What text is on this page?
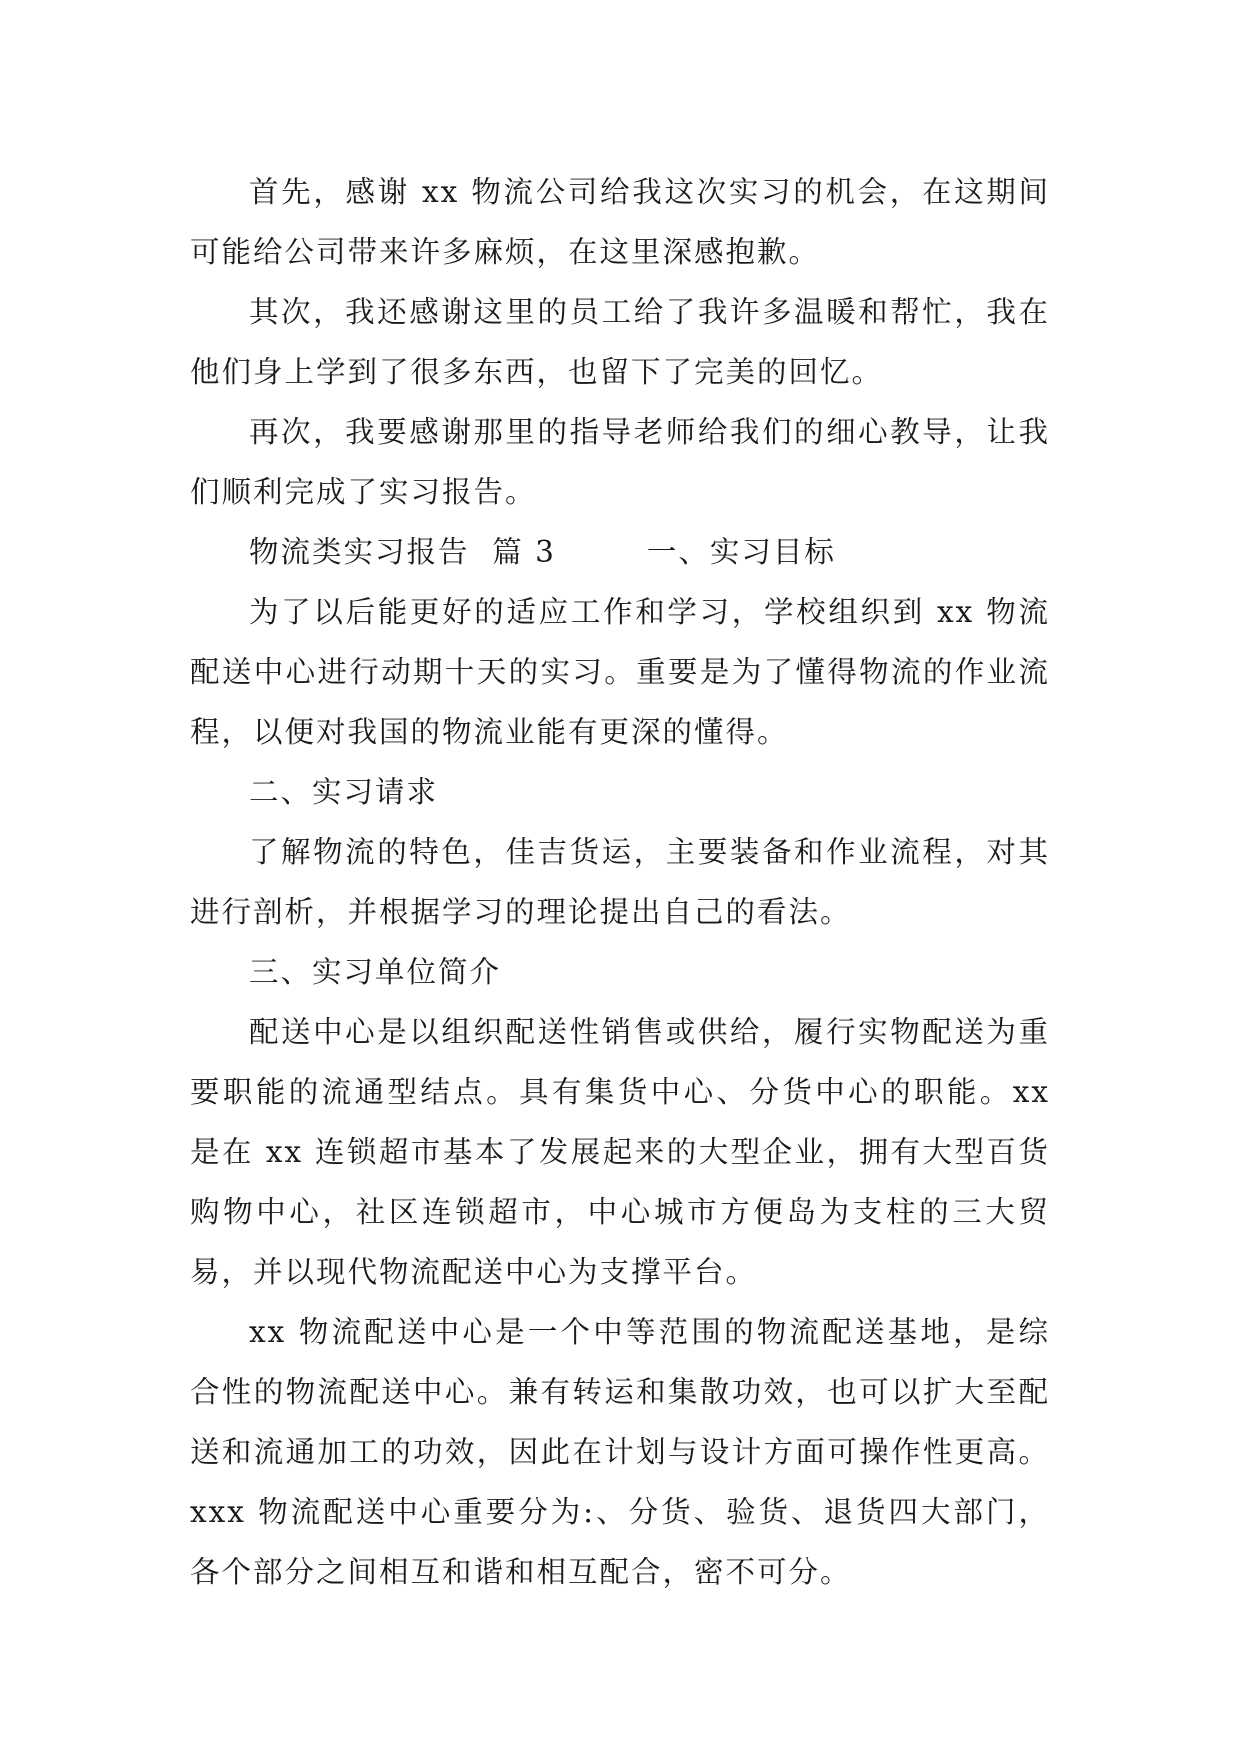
首先，感谢 xx 物流公司给我这次实习的机会，在这期间可能给公司带来许多麻烦，在这里深感抱歉。

其次，我还感谢这里的员工给了我许多温暖和帮忙，我在他们身上学到了很多东西，也留下了完美的回忆。

再次，我要感谢那里的指导老师给我们的细心教导，让我们顺利完成了实习报告。

物流类实习报告  篇 3        一、实习目标

为了以后能更好的适应工作和学习，学校组织到 xx 物流配送中心进行动期十天的实习。重要是为了懂得物流的作业流程，以便对我国的物流业能有更深的懂得。

二、实习请求

了解物流的特色，佳吉货运，主要装备和作业流程，对其进行剖析，并根据学习的理论提出自己的看法。

三、实习单位简介

配送中心是以组织配送性销售或供给，履行实物配送为重要职能的流通型结点。具有集货中心、分货中心的职能。xx 是在 xx 连锁超市基本了发展起来的大型企业，拥有大型百货购物中心，社区连锁超市，中心城市方便岛为支柱的三大贸易，并以现代物流配送中心为支撑平台。

xx 物流配送中心是一个中等范围的物流配送基地，是综合性的物流配送中心。兼有转运和集散功效，也可以扩大至配送和流通加工的功效，因此在计划与设计方面可操作性更高。xxx 物流配送中心重要分为:、分货、验货、退货四大部门，各个部分之间相互和谐和相互配合，密不可分。
